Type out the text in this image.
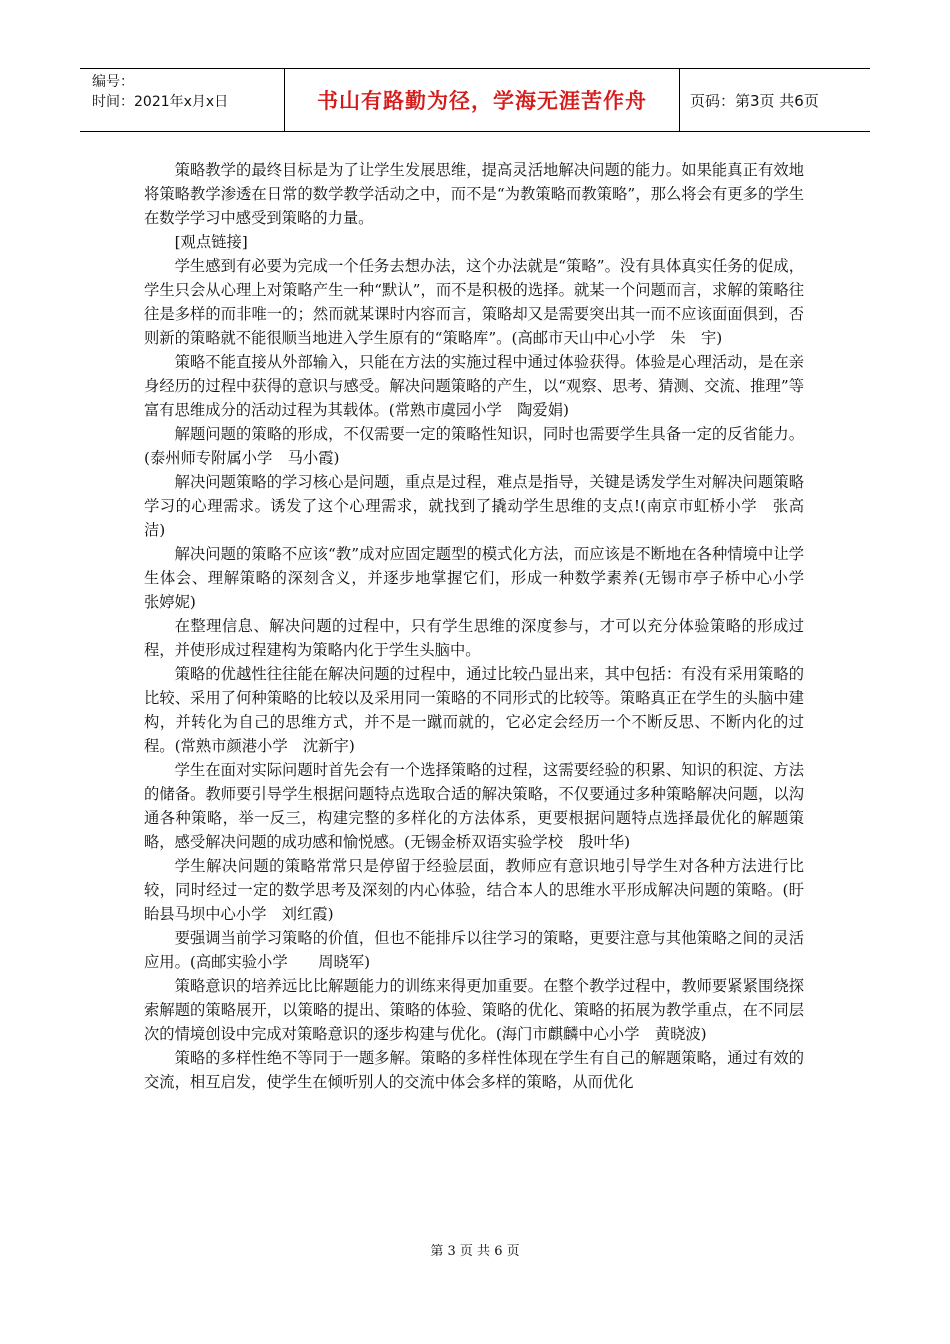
编号：
时间：2021年x月x日	书山有路勤为径，学海无涯苦作舟	页码：第3页 共6页

策略教学的最终目标是为了让学生发展思维，提高灵活地解决问题的能力。如果能真正有效地将策略教学渗透在日常的数学教学活动之中，而不是“为教策略而教策略”，那么将会有更多的学生在数学学习中感受到策略的力量。

[观点链接]

学生感到有必要为完成一个任务去想办法，这个办法就是“策略”。没有具体真实任务的促成，学生只会从心理上对策略产生一种“默认”，而不是积极的选择。就某一个问题而言，求解的策略往往是多样的而非唯一的；然而就某课时内容而言，策略却又是需要突出其一而不应该面面俱到，否则新的策略就不能很顺当地进入学生原有的“策略库”。(高邮市天山中心小学　朱　宇)

策略不能直接从外部输入，只能在方法的实施过程中通过体验获得。体验是心理活动，是在亲身经历的过程中获得的意识与感受。解决问题策略的产生，以“观察、思考、猜测、交流、推理”等富有思维成分的活动过程为其载体。(常熟市虞园小学　陶爱娟)

解题问题的策略的形成，不仅需要一定的策略性知识，同时也需要学生具备一定的反省能力。(泰州师专附属小学　马小霞)

解决问题策略的学习核心是问题，重点是过程，难点是指导，关键是诱发学生对解决问题策略学习的心理需求。诱发了这个心理需求，就找到了撬动学生思维的支点!(南京市虹桥小学　张高洁)

解决问题的策略不应该“教”成对应固定题型的模式化方法，而应该是不断地在各种情境中让学生体会、理解策略的深刻含义，并逐步地掌握它们，形成一种数学素养(无锡市亭子桥中心小学　张婷妮)

在整理信息、解决问题的过程中，只有学生思维的深度参与，才可以充分体验策略的形成过程，并使形成过程建构为策略内化于学生头脑中。

策略的优越性往往能在解决问题的过程中，通过比较凸显出来，其中包括：有没有采用策略的比较、采用了何种策略的比较以及采用同一策略的不同形式的比较等。策略真正在学生的头脑中建构，并转化为自己的思维方式，并不是一蹴而就的，它必定会经历一个不断反思、不断内化的过程。(常熟市颜港小学　沈新宇)

学生在面对实际问题时首先会有一个选择策略的过程，这需要经验的积累、知识的积淀、方法的储备。教师要引导学生根据问题特点选取合适的解决策略，不仅要通过多种策略解决问题，以沟通各种策略，举一反三，构建完整的多样化的方法体系，更要根据问题特点选择最优化的解题策略，感受解决问题的成功感和愉悦感。(无锡金桥双语实验学校　殷叶华)

学生解决问题的策略常常只是停留于经验层面，教师应有意识地引导学生对各种方法进行比较，同时经过一定的数学思考及深刻的内心体验，结合本人的思维水平形成解决问题的策略。(盱眙县马坝中心小学　刘红霞)

要强调当前学习策略的价值，但也不能排斥以往学习的策略，更要注意与其他策略之间的灵活应用。(高邮实验小学　　周晓军)

策略意识的培养远比比解题能力的训练来得更加重要。在整个教学过程中，教师要紧紧围绕探索解题的策略展开，以策略的提出、策略的体验、策略的优化、策略的拓展为教学重点，在不同层次的情境创设中完成对策略意识的逐步构建与优化。(海门市麒麟中心小学　黄晓波)

策略的多样性绝不等同于一题多解。策略的多样性体现在学生有自己的解题策略，通过有效的交流，相互启发，使学生在倾听别人的交流中体会多样的策略，从而优化

第 3 页 共 6 页
